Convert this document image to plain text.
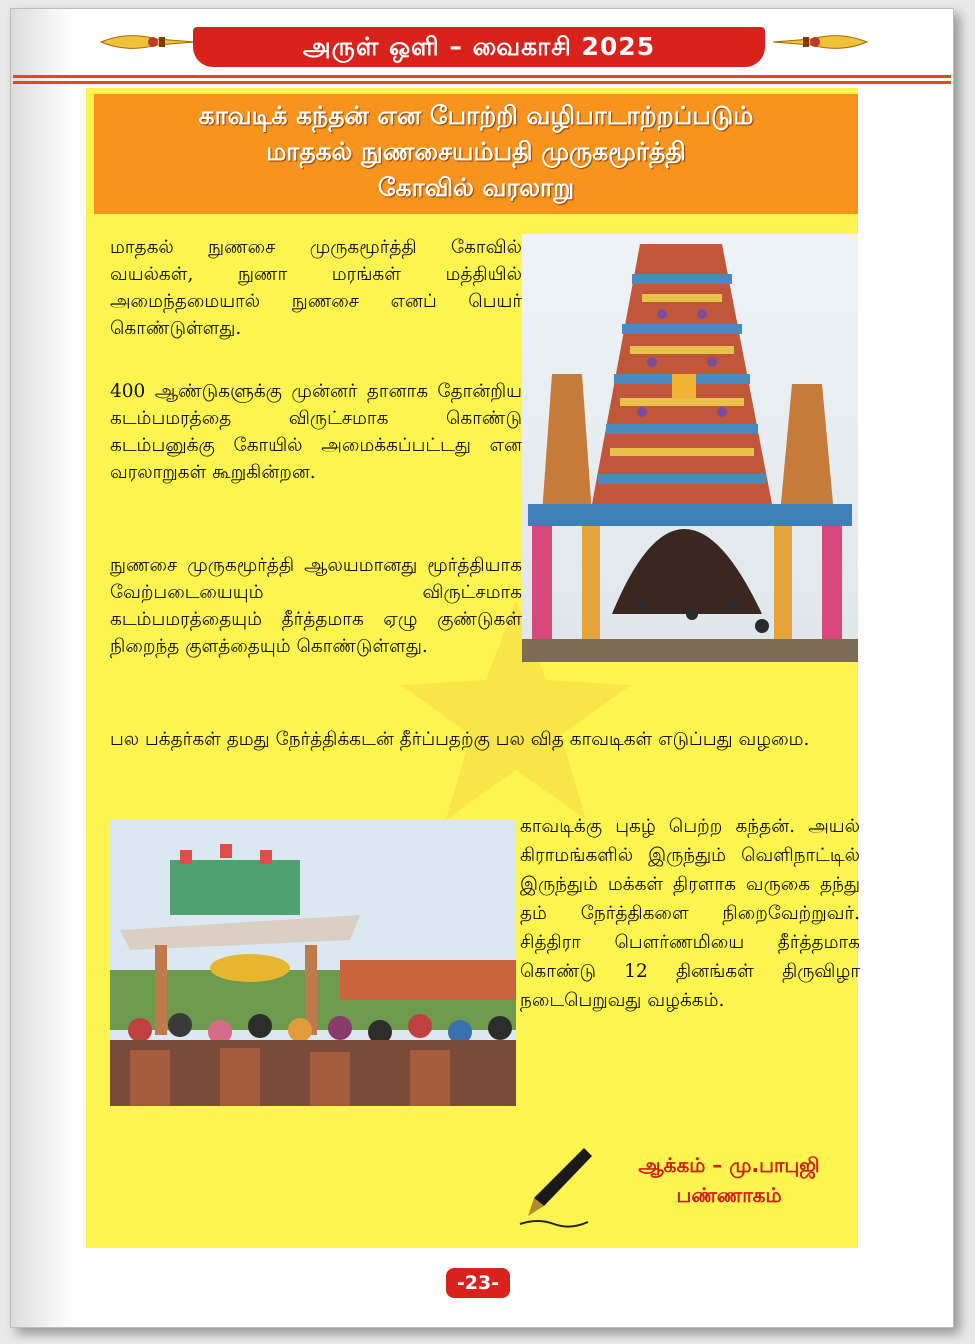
அருள் ஒளி – வைகாசி 2025
காவடிக் கந்தன் என போற்றி வழிபாடாற்றப்படும்
மாதகல் நுணசையம்பதி முருகமூர்த்தி
கோவில் வரலாறு
மாதகல் நுணசை முருகமூர்த்தி கோவில் வயல்கள், நுணா மரங்கள் மத்தியில் அமைந்தமையால் நுணசை எனப் பெயர் கொண்டுள்ளது.
400 ஆண்டுகளுக்கு முன்னர் தானாக தோன்றிய கடம்பமரத்தை விருட்சமாக கொண்டு கடம்பனுக்கு கோயில் அமைக்கப்பட்டது என வரலாறுகள் கூறுகின்றன.
நுணசை முருகமூர்த்தி ஆலயமானது மூர்த்தியாக வேற்படையையும் விருட்சமாக கடம்பமரத்தையும் தீர்த்தமாக ஏழு குண்டுகள் நிறைந்த குளத்தையும் கொண்டுள்ளது.
பல பக்தர்கள் தமது நேர்த்திக்கடன் தீர்ப்பதற்கு பல வித காவடிகள் எடுப்பது வழமை.
காவடிக்கு புகழ் பெற்ற கந்தன். அயல் கிராமங்களில் இருந்தும் வெளிநாட்டில் இருந்தும் மக்கள் திரளாக வருகை தந்து தம் நேர்த்திகளை நிறைவேற்றுவர். சித்திரா பௌர்ணமியை தீர்த்தமாக கொண்டு 12 தினங்கள் திருவிழா நடைபெறுவது வழக்கம்.
ஆக்கம் – மு.பாபுஜி
பண்ணாகம்
-23-
